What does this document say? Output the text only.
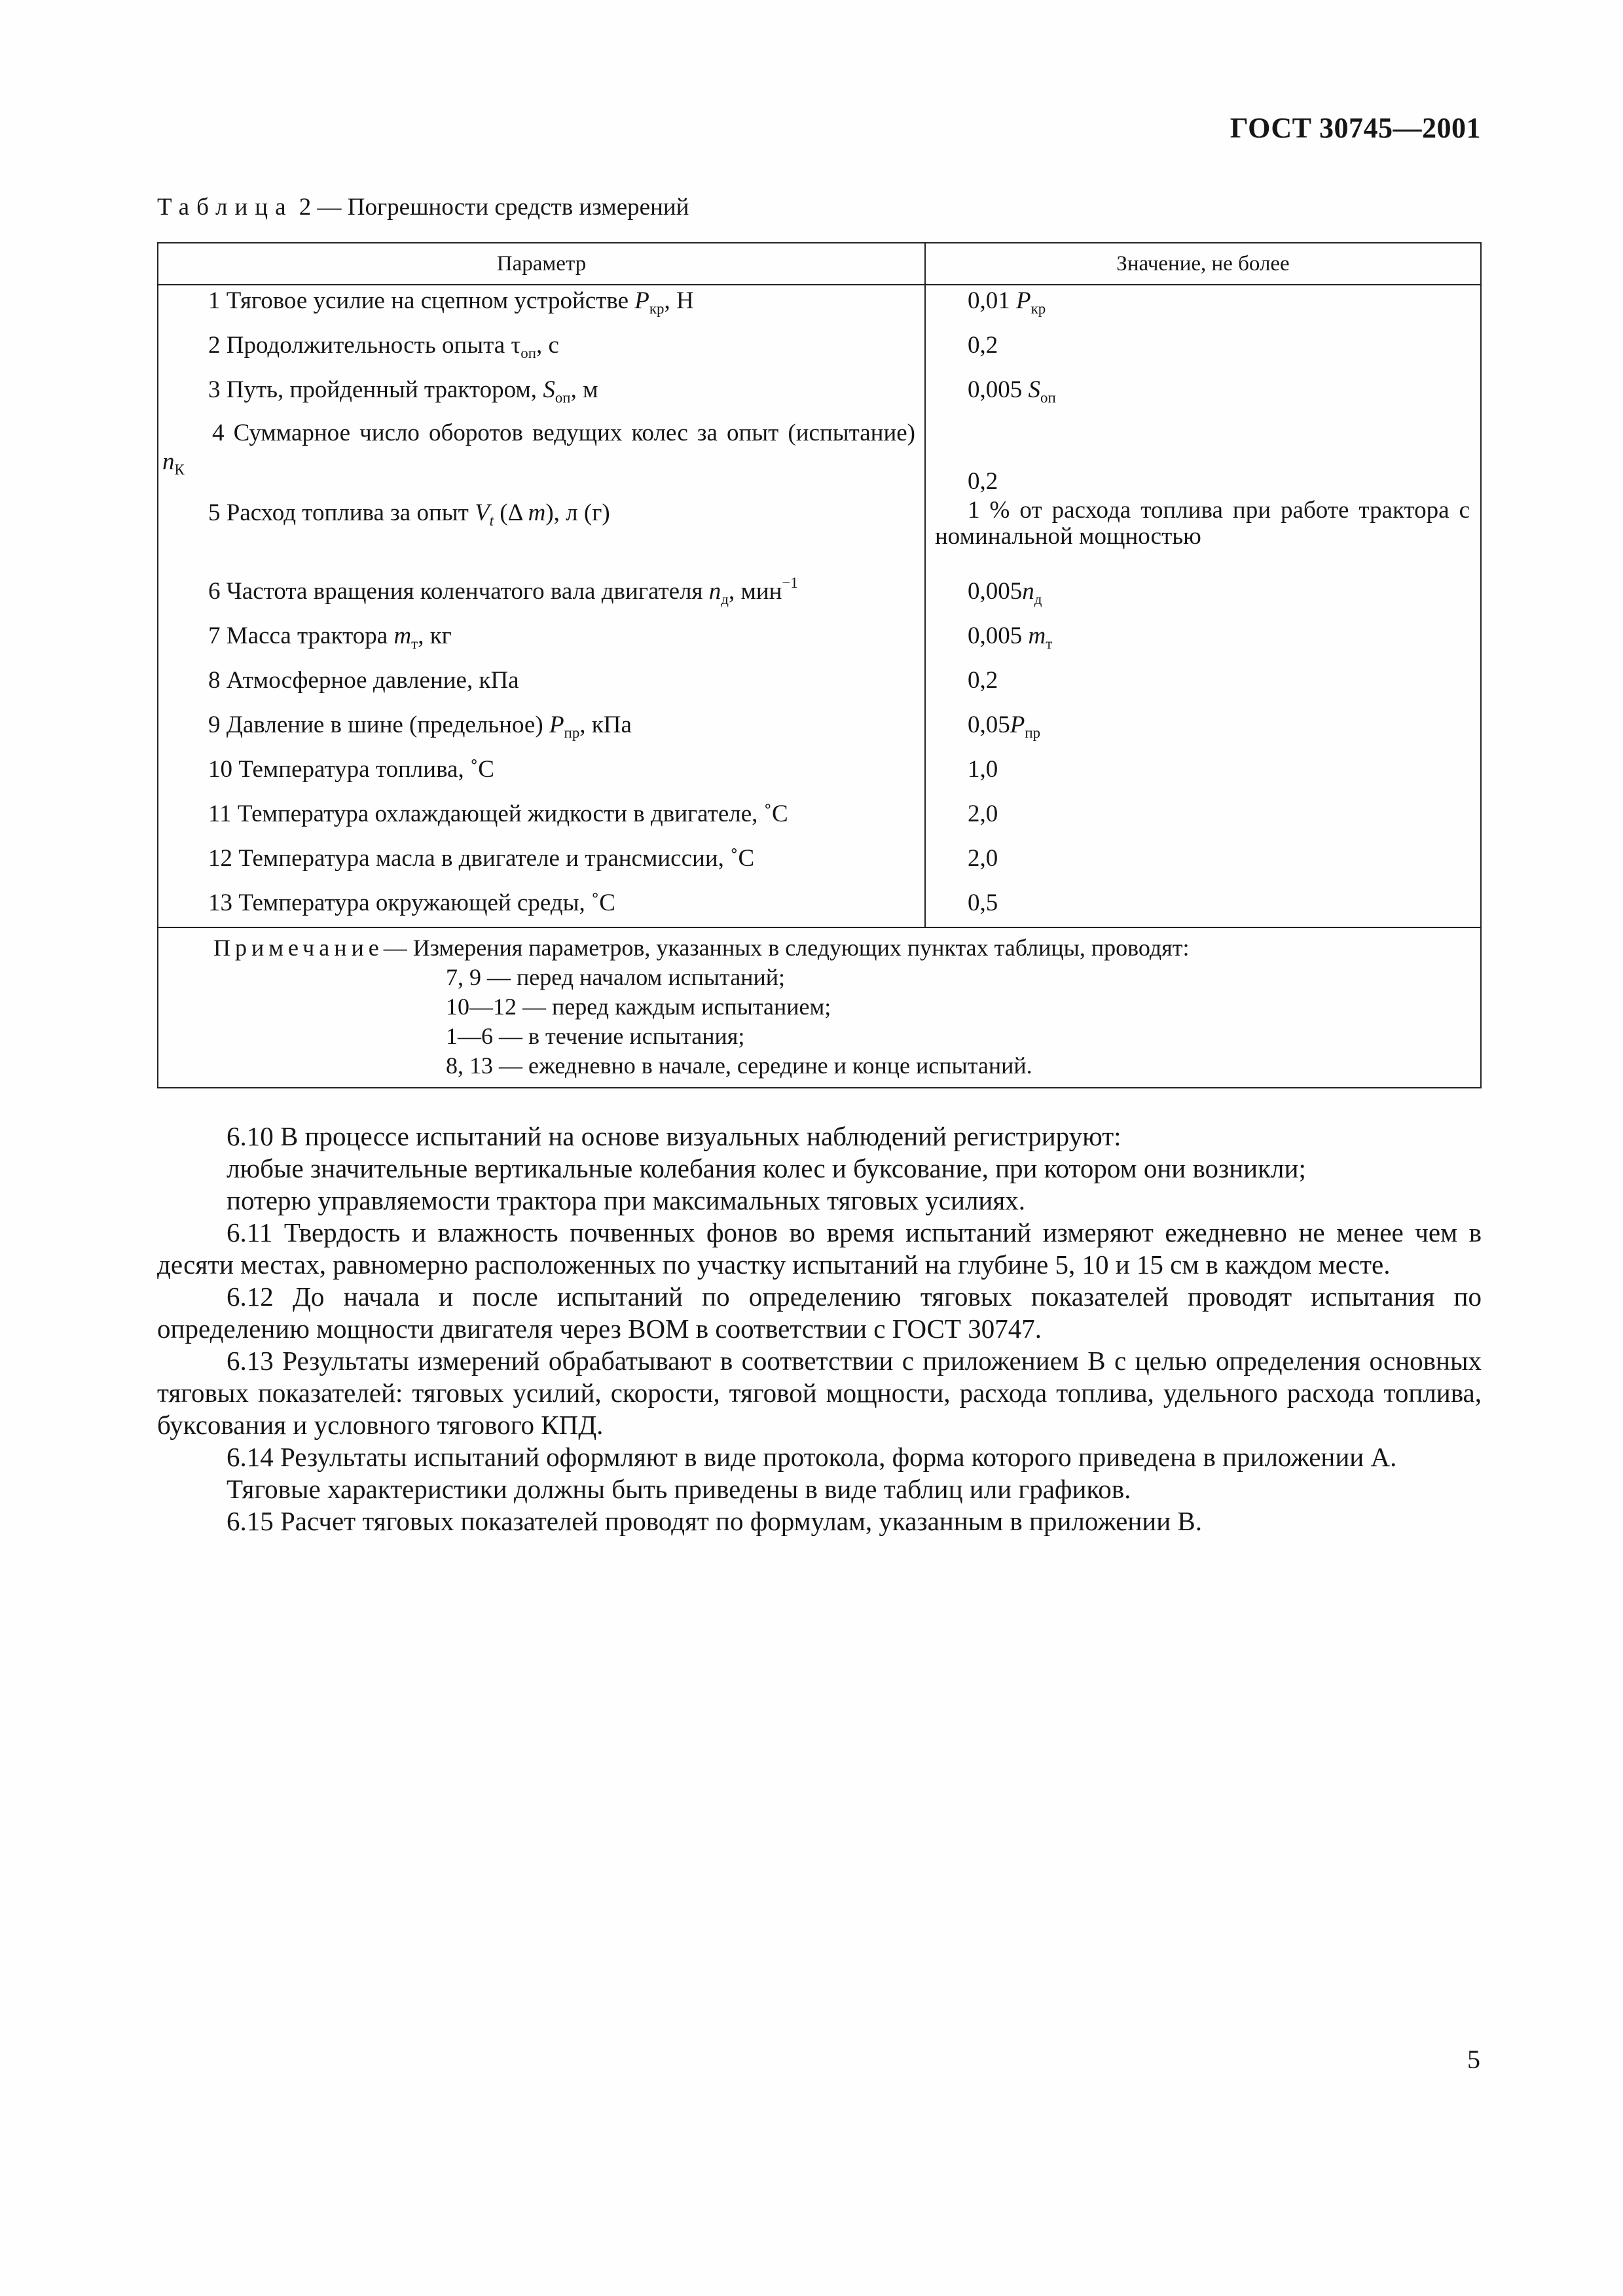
ГОСТ 30745—2001
Таблица 2 — Погрешности средств измерений
Параметр	Значение, не более
1 Тяговое усилие на сцепном устройстве $P_{кр}$, Н	0,01 $P_{кр}$
2 Продолжительность опыта $\tau_{оп}$, с	0,2
3 Путь, пройденный трактором, $S_{оп}$, м	0,005 $S_{оп}$
4 Суммарное число оборотов ведущих колес за опыт (испытание) $n_К$	0,2
5 Расход топлива за опыт $V_t$ (Δ m), л (г)	1 % от расхода топлива при работе трактора с номинальной мощностью
6 Частота вращения коленчатого вала двигателя $n_д$, мин$^{-1}$	$0,005n_д$
7 Масса трактора $m_т$, кг	0,005 $m_т$
8 Атмосферное давление, кПа	0,2
9 Давление в шине (предельное) $P_{пр}$, кПа	$0,05P_{пр}$
10 Температура топлива, ˚С	1,0
11 Температура охлаждающей жидкости в двигателе, ˚С	2,0
12 Температура масла в двигателе и трансмиссии, ˚С	2,0
13 Температура окружающей среды, ˚С	0,5

Примечание— Измерения параметров, указанных в следующих пунктах таблицы, проводят:
7, 9 — перед началом испытаний;
10—12 — перед каждым испытанием;
1—6 — в течение испытания;
8, 13 — ежедневно в начале, середине и конце испытаний.	

6.10 В процессе испытаний на основе визуальных наблюдений регистрируют:

любые значительные вертикальные колебания колес и буксование, при котором они возникли;

потерю управляемости трактора при максимальных тяговых усилиях.

6.11 Твердость и влажность почвенных фонов во время испытаний измеряют ежедневно не менее чем в десяти местах, равномерно расположенных по участку испытаний на глубине 5, 10 и 15 см в каждом месте.

6.12 До начала и после испытаний по определению тяговых показателей проводят испытания по определению мощности двигателя через ВОМ в соответствии с ГОСТ 30747.

6.13 Результаты измерений обрабатывают в соответствии с приложением В с целью определения основных тяговых показателей: тяговых усилий, скорости, тяговой мощности, расхода топлива, удельного расхода топлива, буксования и условного тягового КПД.

6.14 Результаты испытаний оформляют в виде протокола, форма которого приведена в приложении А.

Тяговые характеристики должны быть приведены в виде таблиц или графиков.

6.15 Расчет тяговых показателей проводят по формулам, указанным в приложении В.

5
